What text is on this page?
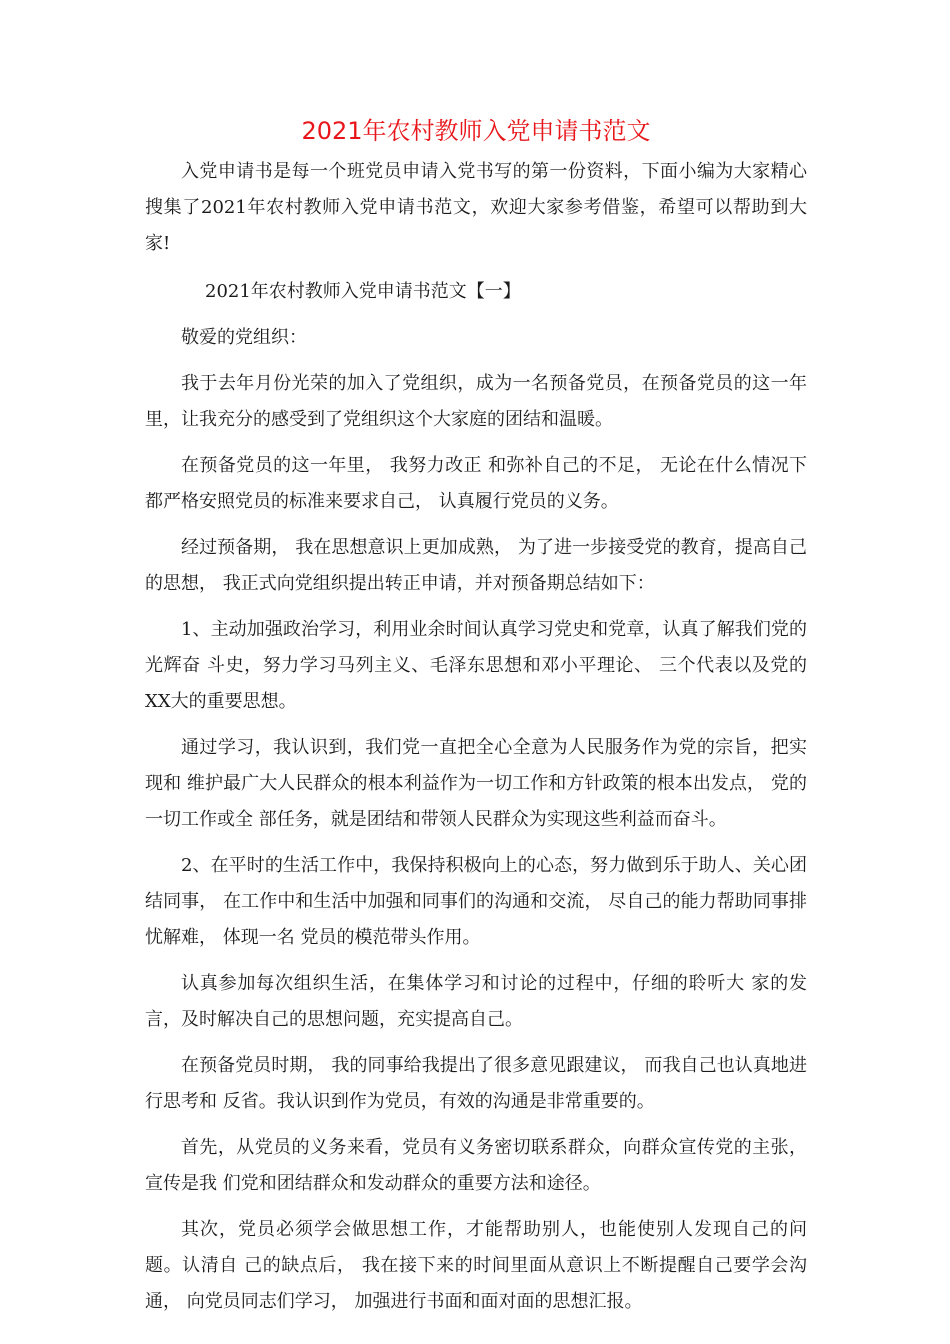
2021年农村教师入党申请书范文

入党申请书是每一个班党员申请入党书写的第一份资料，下面小编为大家精心搜集了2021年农村教师入党申请书范文，欢迎大家参考借鉴，希望可以帮助到大家!

2021年农村教师入党申请书范文【一】

敬爱的党组织：

我于去年月份光荣的加入了党组织，成为一名预备党员，在预备党员的这一年里，让我充分的感受到了党组织这个大家庭的团结和温暖。

在预备党员的这一年里， 我努力改正 和弥补自己的不足， 无论在什么情况下都严格安照党员的标准来要求自己， 认真履行党员的义务。

经过预备期， 我在思想意识上更加成熟， 为了进一步接受党的教育，提高自己的思想， 我正式向党组织提出转正申请，并对预备期总结如下：

1、主动加强政治学习，利用业余时间认真学习党史和党章，认真了解我们党的光辉奋 斗史，努力学习马列主义、毛泽东思想和邓小平理论、 三个代表以及党的XX大的重要思想。

通过学习，我认识到，我们党一直把全心全意为人民服务作为党的宗旨，把实现和 维护最广大人民群众的根本利益作为一切工作和方针政策的根本出发点， 党的一切工作或全 部任务，就是团结和带领人民群众为实现这些利益而奋斗。

2、在平时的生活工作中，我保持积极向上的心态，努力做到乐于助人、关心团结同事， 在工作中和生活中加强和同事们的沟通和交流， 尽自己的能力帮助同事排忧解难， 体现一名 党员的模范带头作用。

认真参加每次组织生活，在集体学习和讨论的过程中，仔细的聆听大 家的发言，及时解决自己的思想问题，充实提高自己。

在预备党员时期， 我的同事给我提出了很多意见跟建议， 而我自己也认真地进行思考和 反省。我认识到作为党员，有效的沟通是非常重要的。

首先，从党员的义务来看，党员有义务密切联系群众，向群众宣传党的主张，宣传是我 们党和团结群众和发动群众的重要方法和途径。

其次，党员必须学会做思想工作，才能帮助别人，也能使别人发现自己的问题。认清自 己的缺点后， 我在接下来的时间里面从意识上不断提醒自己要学会沟通， 向党员同志们学习， 加强进行书面和面对面的思想汇报。
